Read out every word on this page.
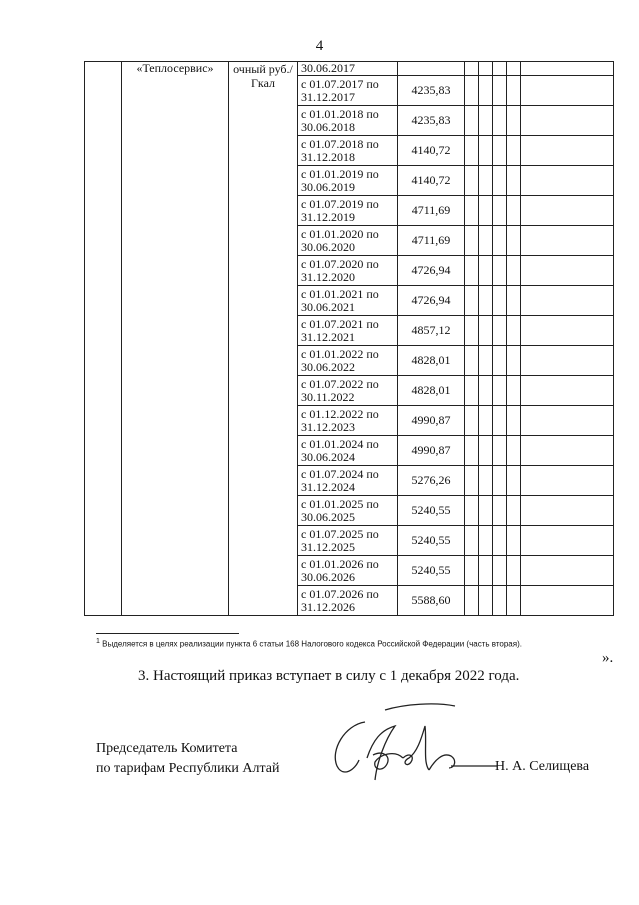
4
	«Теплосервис»	очный руб./Гкал	30.06.2017						

			с 01.07.2017 по
31.12.2017	4235,83					

			с 01.01.2018 по
30.06.2018	4235,83					

			с 01.07.2018 по
31.12.2018	4140,72					

			с 01.01.2019 по
30.06.2019	4140,72					

			с 01.07.2019 по
31.12.2019	4711,69					

			с 01.01.2020 по
30.06.2020	4711,69					

			с 01.07.2020 по
31.12.2020	4726,94					

			с 01.01.2021 по
30.06.2021	4726,94					

			с 01.07.2021 по
31.12.2021	4857,12					

			с 01.01.2022 по
30.06.2022	4828,01					

			с 01.07.2022 по
30.11.2022	4828,01					

			с 01.12.2022 по
31.12.2023	4990,87					

			с 01.01.2024 по
30.06.2024	4990,87					

			с 01.07.2024 по
31.12.2024	5276,26					

			с 01.01.2025 по
30.06.2025	5240,55					

			с 01.07.2025 по
31.12.2025	5240,55					

			с 01.01.2026 по
30.06.2026	5240,55					

			с 01.07.2026 по
31.12.2026	5588,60					
$^1$ Выделяется в целях реализации пункта 6 статьи 168 Налогового кодекса Российской Федерации (часть вторая).
».
3. Настоящий приказ вступает в силу с 1 декабря 2022 года.
Председатель Комитета
по тарифам Республики Алтай	Н. А. Селищева
